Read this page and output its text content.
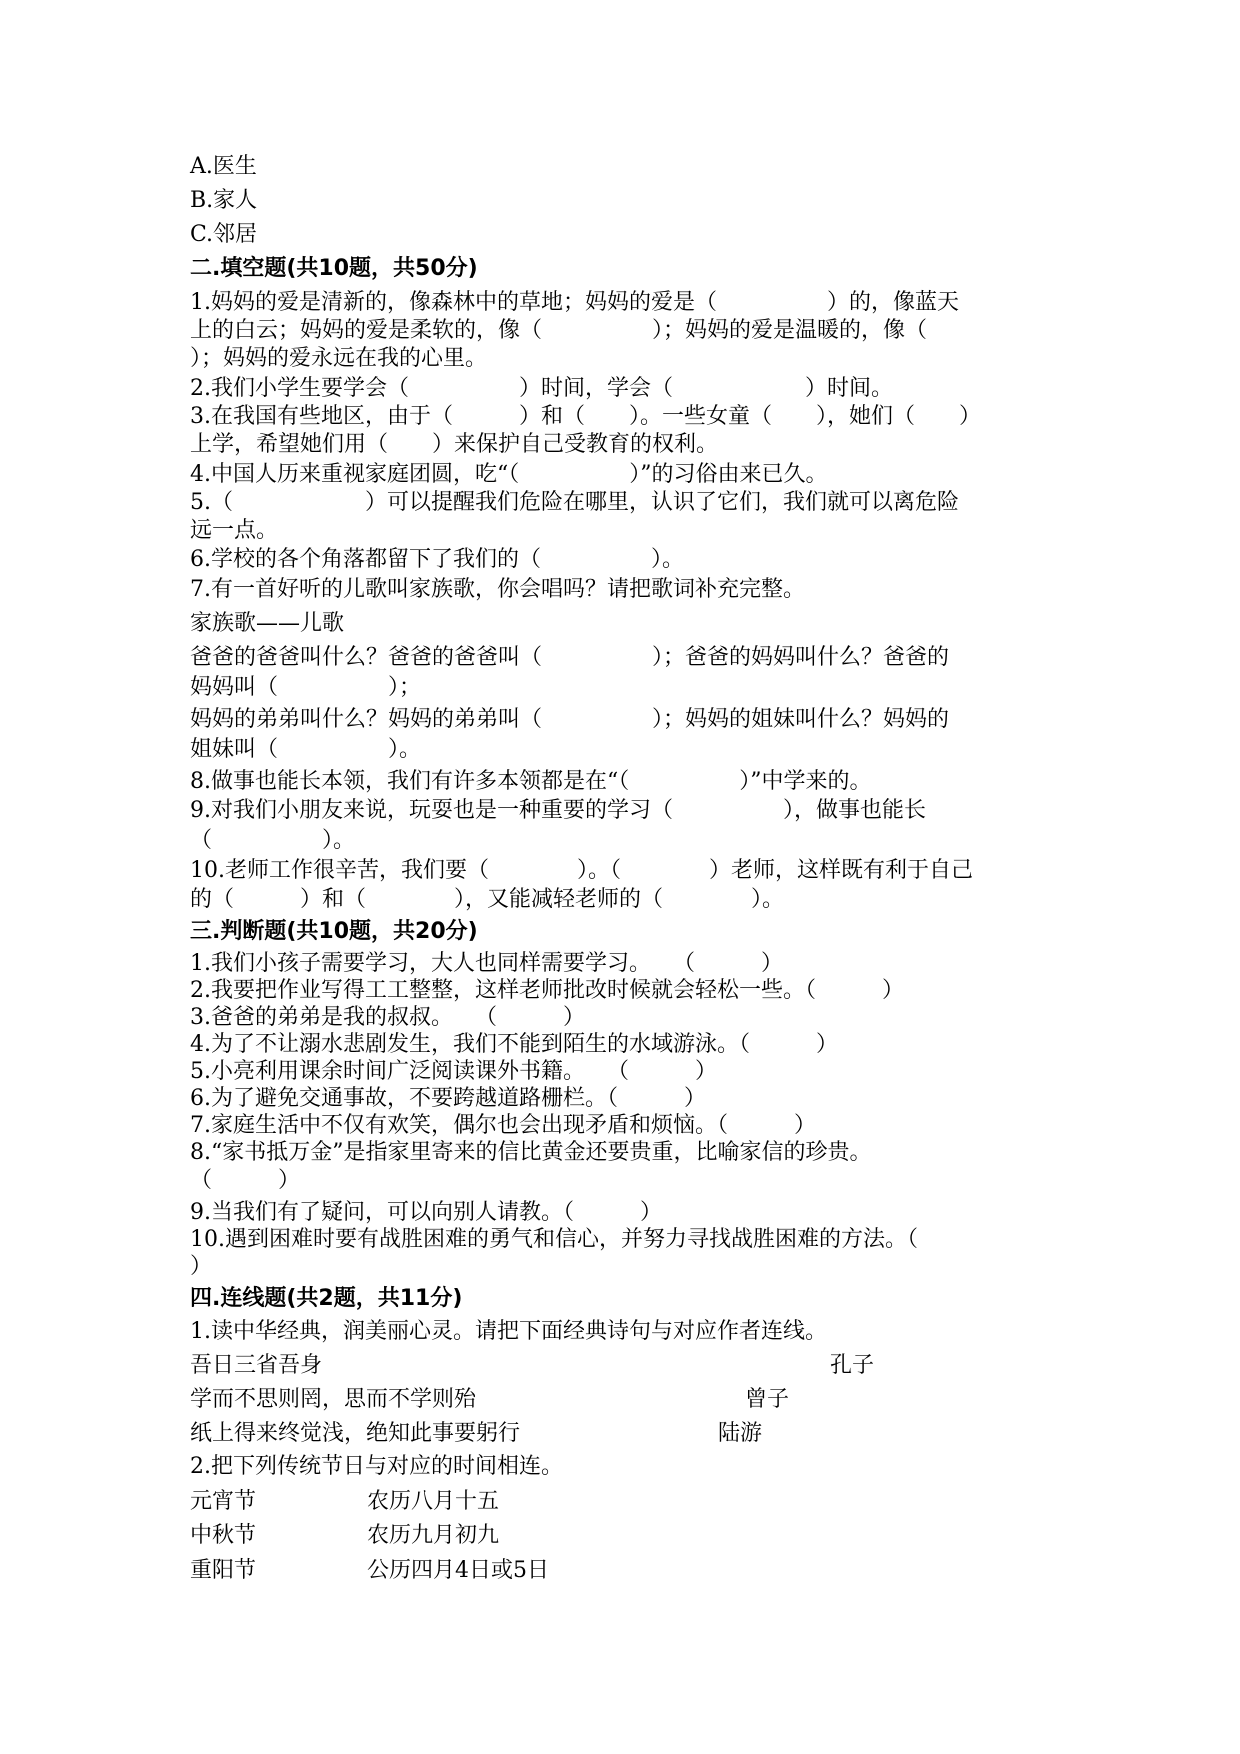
A.医生

B.家人

C.邻居

二.填空题(共10题，共50分)

1.妈妈的爱是清新的，像森林中的草地；妈妈的爱是（　　　　　）的，像蓝天

上的白云；妈妈的爱是柔软的，像（　　　　　）；妈妈的爱是温暖的，像（

）；妈妈的爱永远在我的心里。

2.我们小学生要学会（　　　　　）时间，学会（　　　　　　）时间。

3.在我国有些地区，由于（　　　）和（　　）。一些女童（　　），她们（　　）

上学，希望她们用（　　）来保护自己受教育的权利。

4.中国人历来重视家庭团圆，吃“（　　　　　）”的习俗由来已久。

5.（　　　　　　）可以提醒我们危险在哪里，认识了它们，我们就可以离危险

远一点。

6.学校的各个角落都留下了我们的（　　　　　）。

7.有一首好听的儿歌叫家族歌，你会唱吗？请把歌词补充完整。

家族歌——儿歌

爸爸的爸爸叫什么？爸爸的爸爸叫（　　　　　）；爸爸的妈妈叫什么？爸爸的

妈妈叫（　　　　　）；

妈妈的弟弟叫什么？妈妈的弟弟叫（　　　　　）；妈妈的姐妹叫什么？妈妈的

姐妹叫（　　　　　）。

8.做事也能长本领，我们有许多本领都是在“（　　　　　）”中学来的。

9.对我们小朋友来说，玩耍也是一种重要的学习（　　　　　），做事也能长

（　　　　　）。

10.老师工作很辛苦，我们要（　　　　）。（　　　　）老师，这样既有利于自己

的（　　　）和（　　　　），又能减轻老师的（　　　　）。

三.判断题(共10题，共20分)

1.我们小孩子需要学习，大人也同样需要学习。　　（　　　）

2.我要把作业写得工工整整，这样老师批改时候就会轻松一些。（　　　）

3.爸爸的弟弟是我的叔叔。　　（　　　）

4.为了不让溺水悲剧发生，我们不能到陌生的水域游泳。（　　　）

5.小亮利用课余时间广泛阅读课外书籍。　　（　　　）

6.为了避免交通事故，不要跨越道路栅栏。（　　　）

7.家庭生活中不仅有欢笑，偶尔也会出现矛盾和烦恼。（　　　）

8.“家书抵万金”是指家里寄来的信比黄金还要贵重，比喻家信的珍贵。

（　　　）

9.当我们有了疑问，可以向别人请教。（　　　）

10.遇到困难时要有战胜困难的勇气和信心，并努力寻找战胜困难的方法。（

）

四.连线题(共2题，共11分)

1.读中华经典，润美丽心灵。请把下面经典诗句与对应作者连线。

吾日三省吾身	孔子
学而不思则罔，思而不学则殆	曾子
纸上得来终觉浅，绝知此事要躬行	陆游

2.把下列传统节日与对应的时间相连。

元宵节	农历八月十五
中秋节	农历九月初九
重阳节	公历四月4日或5日
